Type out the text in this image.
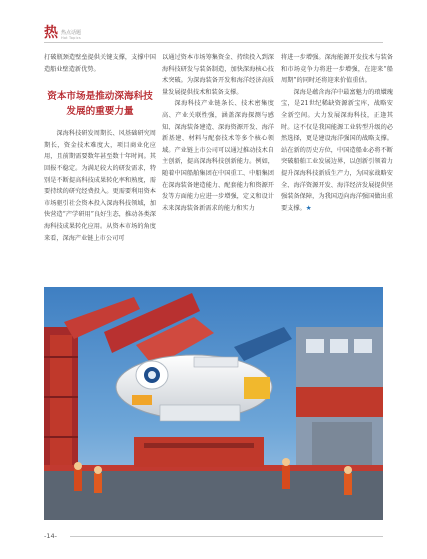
热 热点话题
Hot Topics

打破瓶颈造壁垒提供关键支撑，支撑中国造船业壁造新优势。

资本市场是推动深海科技
发展的重要力量

深海科技研发周期长、风基础研究周期长，资金技术难度大，项目商业化应用，且前期需要数年甚至数十年时间。其回报不稳定。为满足较大的研发需求，特别是不断提高科技成果转化率和熟度，需要持续的研究经费投入。更需要利用资本市场驱引社会资本投入深海科技领域，加快营造“产学研用”良好生态，推动各类深海科技成果转化应用。从资本市场的角度来看，深海产业链上市公司可

以通过资本市场筹集资金、持续投入到深海科技研发与装备制造，加快深海核心技术突破。为深海装备开发和海洋经济高质量发展提供技术和装备支撑。

深海科技产业链条长、技术密集度高、产业关联性强，涵盖深海探测与感知、深海装备建造、深海资源开发、海洋新基建、材料与配套技术等多个核心领域。产业链上市公司可以通过推动技术自主创新，提高深海科技创新能力。例如，随着中国船舶集团在中国重工、中船集团在深海装备建造能力、配套能力和资源开发等方面能力应进一步增强，定义和设计未来深海装备新需求的能力和实力

将进一步增强。深海能源开发技术与装备和市场竞争力将进一步增强，在迎来“船周期”的同时还将迎来价值重估。

深海是蕴含海洋中最富魅力的琅嬛瑰宝，是21世纪稀缺资源新宝库，战略安全新空间。大力发展深海科技，正逢其时。这不仅是我国能源工业转型升级的必然选择，更是建设海洋强国的战略支撑。站在新的历史方位，中国造船业必将不断突破船舶工业发展边界，以创新引领着力提升深海科技新质生产力，为国家战略安全、海洋资源开发、海洋经济发展提供坚强装备保障，为我国迈向海洋强国做出重要支撑。★

-14-
